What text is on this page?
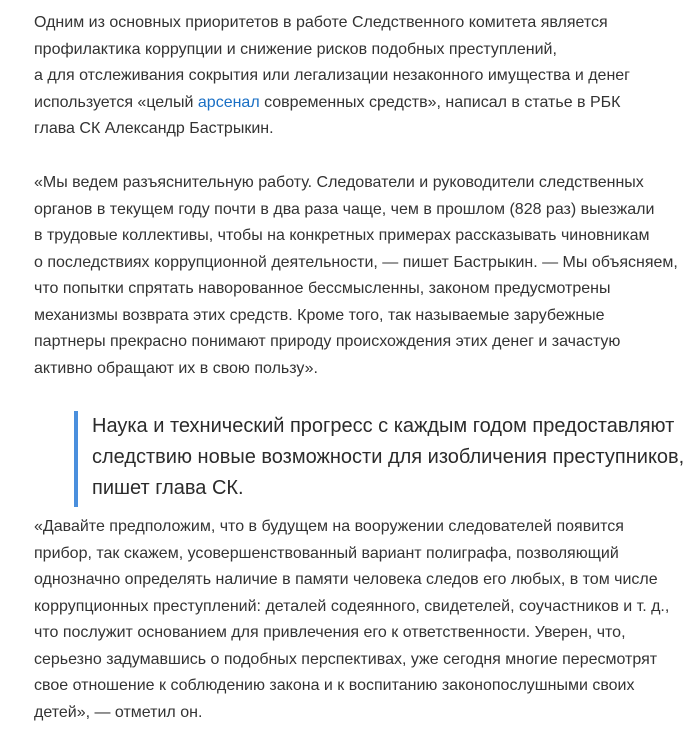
Одним из основных приоритетов в работе Следственного комитета является
профилактика коррупции и снижение рисков подобных преступлений,
а для отслеживания сокрытия или легализации незаконного имущества и денег
используется «целый арсенал современных средств», написал в статье в РБК
глава СК Александр Бастрыкин.

«Мы ведем разъяснительную работу. Следователи и руководители следственных
органов в текущем году почти в два раза чаще, чем в прошлом (828 раз) выезжали
в трудовые коллективы, чтобы на конкретных примерах рассказывать чиновникам
о последствиях коррупционной деятельности, — пишет Бастрыкин. — Мы объясняем,
что попытки спрятать наворованное бессмысленны, законом предусмотрены
механизмы возврата этих средств. Кроме того, так называемые зарубежные
партнеры прекрасно понимают природу происхождения этих денег и зачастую
активно обращают их в свою пользу».

Наука и технический прогресс с каждым годом предоставляют
следствию новые возможности для изобличения преступников,
пишет глава СК.

«Давайте предположим, что в будущем на вооружении следователей появится
прибор, так скажем, усовершенствованный вариант полиграфа, позволяющий
однозначно определять наличие в памяти человека следов его любых, в том числе
коррупционных преступлений: деталей содеянного, свидетелей, соучастников и т. д.,
что послужит основанием для привлечения его к ответственности. Уверен, что,
серьезно задумавшись о подобных перспективах, уже сегодня многие пересмотрят
свое отношение к соблюдению закона и к воспитанию законопослушными своих
детей», — отметил он.
